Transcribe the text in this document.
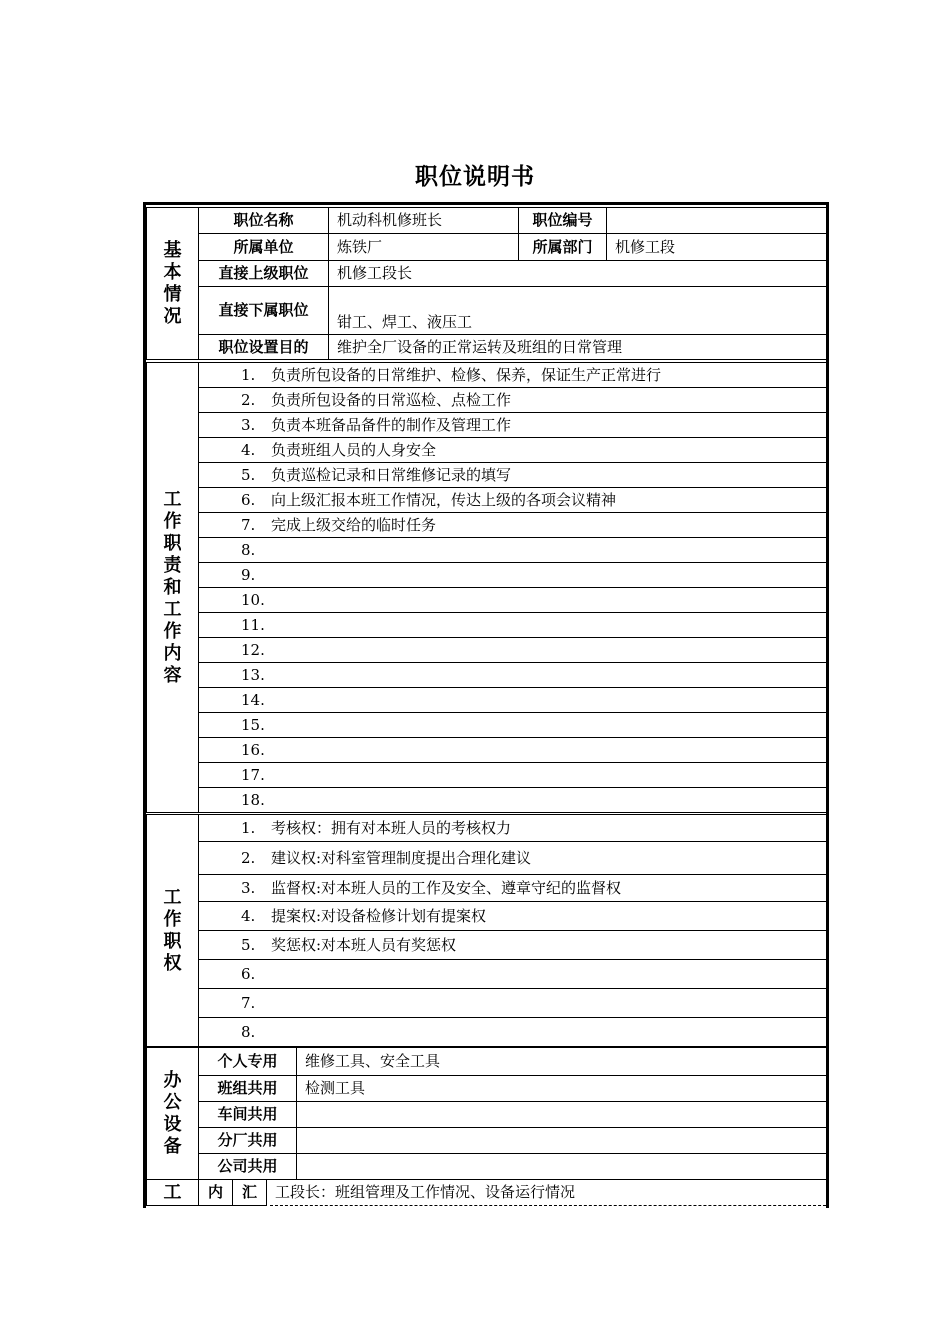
职位说明书
基本情况	职位名称	机动科机修班长	职位编号	
	所属单位	炼铁厂	所属部门	机修工段
	直接上级职位	机修工段长		
	直接下属职位	钳工、焊工、液压工		
	职位设置目的	维护全厂设备的正常运转及班组的日常管理		
工作职责和工作内容	1. 负责所包设备的日常维护、检修、保养，保证生产正常进行
2. 负责所包设备的日常巡检、点检工作
3. 负责本班备品备件的制作及管理工作
4. 负责班组人员的人身安全
5. 负责巡检记录和日常维修记录的填写
6. 向上级汇报本班工作情况，传达上级的各项会议精神
7. 完成上级交给的临时任务
8.
9.
10.
11.
12.
13.
14.
15.
16.
17.
18.
工作职权	1. 考核权：拥有对本班人员的考核权力
2. 建议权:对科室管理制度提出合理化建议
3. 监督权:对本班人员的工作及安全、遵章守纪的监督权
4. 提案权:对设备检修计划有提案权
5. 奖惩权:对本班人员有奖惩权
6.
7.
8.
办公设备	个人专用	维修工具、安全工具
	班组共用	检测工具
	车间共用	
	分厂共用	
	公司共用	
工	内	汇	工段长：班组管理及工作情况、设备运行情况
